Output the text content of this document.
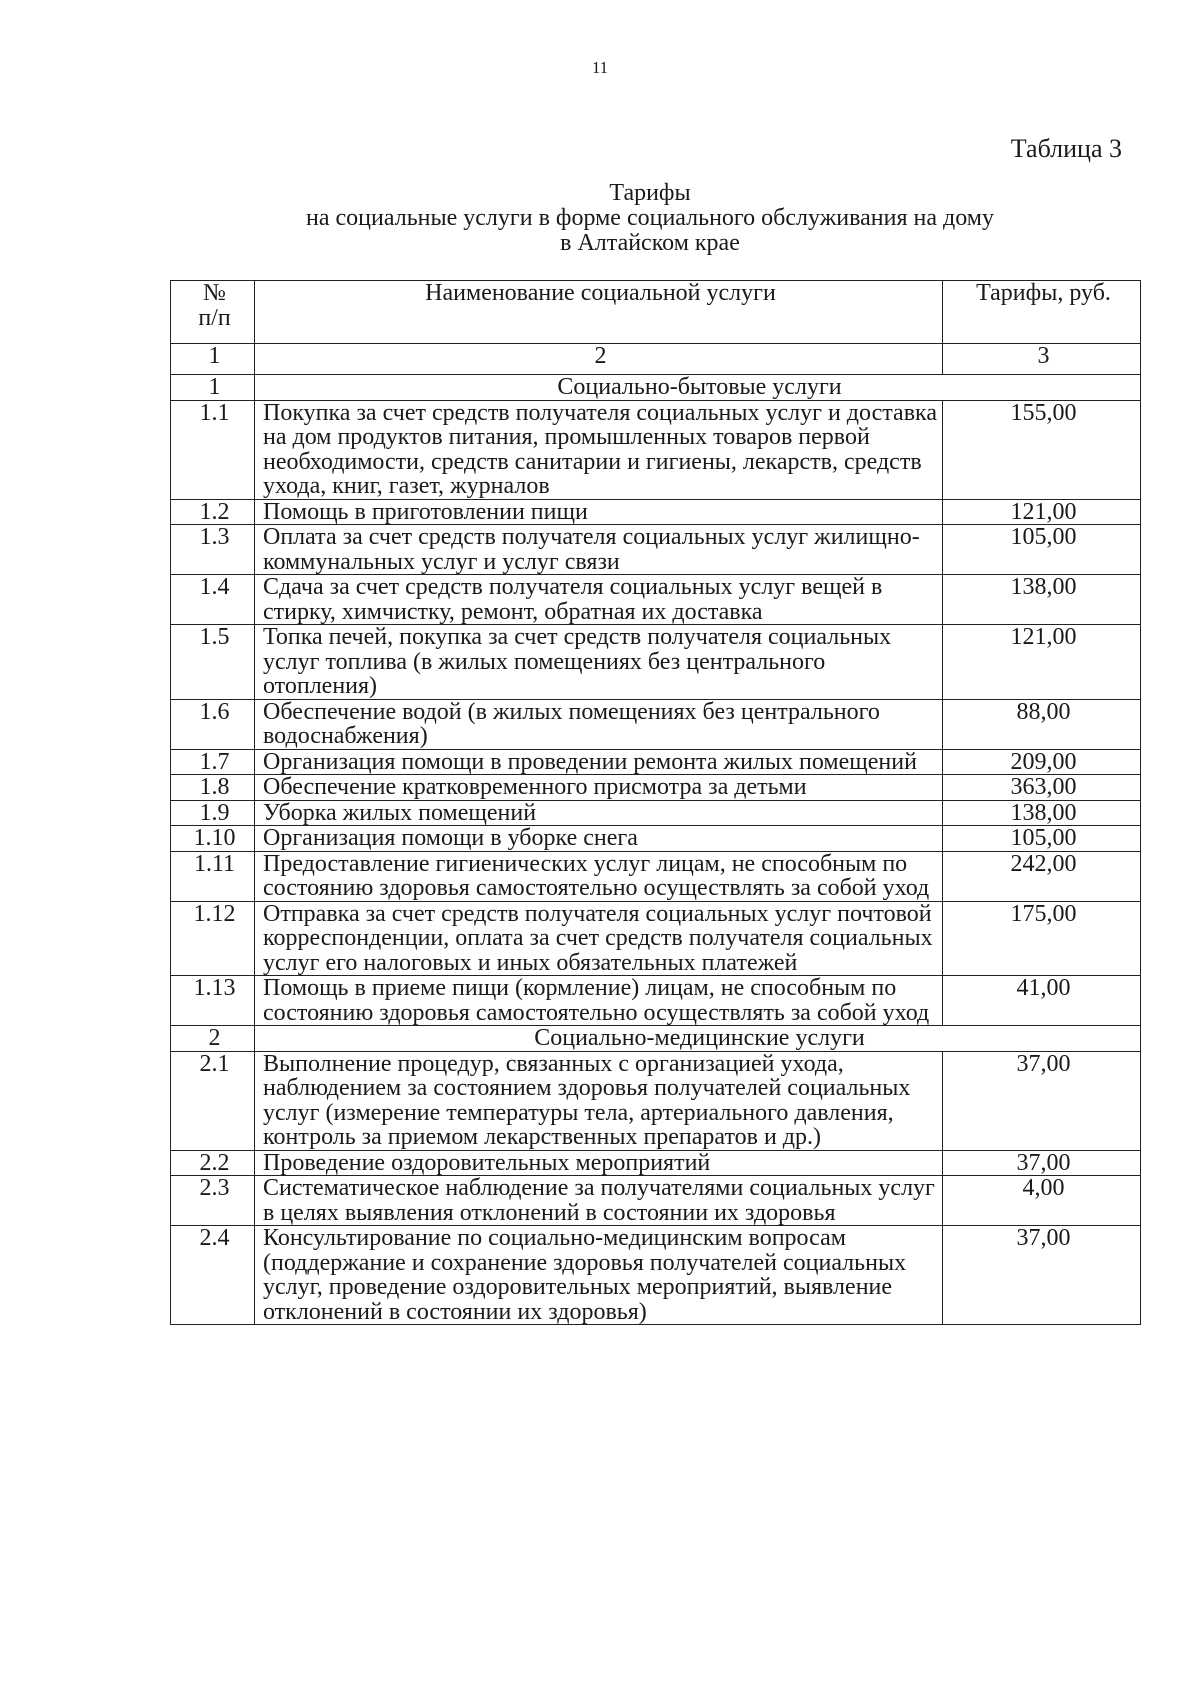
11
Таблица 3
Тарифы
на социальные услуги в форме социального обслуживания на дому
в Алтайском крае
№
п/п	Наименование социальной услуги	Тарифы, руб.
1	2	3
1	Социально-бытовые услуги	
1.1	Покупка за счет средств получателя социальных услуг и доставка на дом продуктов питания, промышленных товаров первой необходимости, средств санитарии и гигиены, лекарств, средств ухода, книг, газет, журналов	155,00
1.2	Помощь в приготовлении пищи	121,00
1.3	Оплата за счет средств получателя социальных услуг жилищно-коммунальных услуг и услуг связи	105,00
1.4	Сдача за счет средств получателя социальных услуг вещей в стирку, химчистку, ремонт, обратная их доставка	138,00
1.5	Топка печей, покупка за счет средств получателя социальных услуг топлива (в жилых помещениях без центрального отопления)	121,00
1.6	Обеспечение водой (в жилых помещениях без центрального водоснабжения)	88,00
1.7	Организация помощи в проведении ремонта жилых помещений	209,00
1.8	Обеспечение кратковременного присмотра за детьми	363,00
1.9	Уборка жилых помещений	138,00
1.10	Организация помощи в уборке снега	105,00
1.11	Предоставление гигиенических услуг лицам, не способным по состоянию здоровья самостоятельно осуществлять за собой уход	242,00
1.12	Отправка за счет средств получателя социальных услуг почтовой корреспонденции, оплата за счет средств получателя социальных услуг его налоговых и иных обязательных платежей	175,00
1.13	Помощь в приеме пищи (кормление) лицам, не способным по состоянию здоровья самостоятельно осуществлять за собой уход	41,00
2	Социально-медицинские услуги	
2.1	Выполнение процедур, связанных с организацией ухода, наблюдением за состоянием здоровья получателей социальных услуг (измерение температуры тела, артериального давления, контроль за приемом лекарственных препаратов и др.)	37,00
2.2	Проведение оздоровительных мероприятий	37,00
2.3	Систематическое наблюдение за получателями социальных услуг в целях выявления отклонений в состоянии их здоровья	4,00
2.4	Консультирование по социально-медицинским вопросам (поддержание и сохранение здоровья получателей социальных услуг, проведение оздоровительных мероприятий, выявление отклонений в состоянии их здоровья)	37,00
